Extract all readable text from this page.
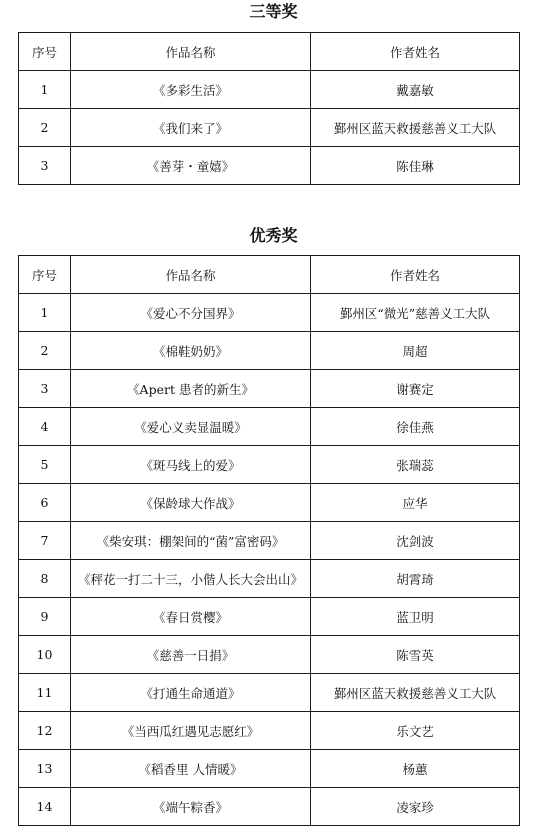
三等奖
序号	作品名称	作者姓名
1	《多彩生活》	戴嘉敏
2	《我们来了》	鄞州区蓝天救援慈善义工大队
3	《善芽・童嬉》	陈佳琳
优秀奖
序号	作品名称	作者姓名
1	《爱心不分国界》	鄞州区“微光”慈善义工大队
2	《棉鞋奶奶》	周超
3	《Apert 患者的新生》	谢赛定
4	《爱心义卖显温暖》	徐佳燕
5	《斑马线上的爱》	张瑞蕊
6	《保龄球大作战》	应华
7	《柴安琪：棚架间的“菌”富密码》	沈剑波
8	《秤花一打二十三，小偕人长大会出山》	胡霄琦
9	《春日赏樱》	蓝卫明
10	《慈善一日捐》	陈雪英
11	《打通生命通道》	鄞州区蓝天救援慈善义工大队
12	《当西瓜红遇见志愿红》	乐文艺
13	《稻香里 人情暖》	杨蕙
14	《端午粽香》	凌家珍
